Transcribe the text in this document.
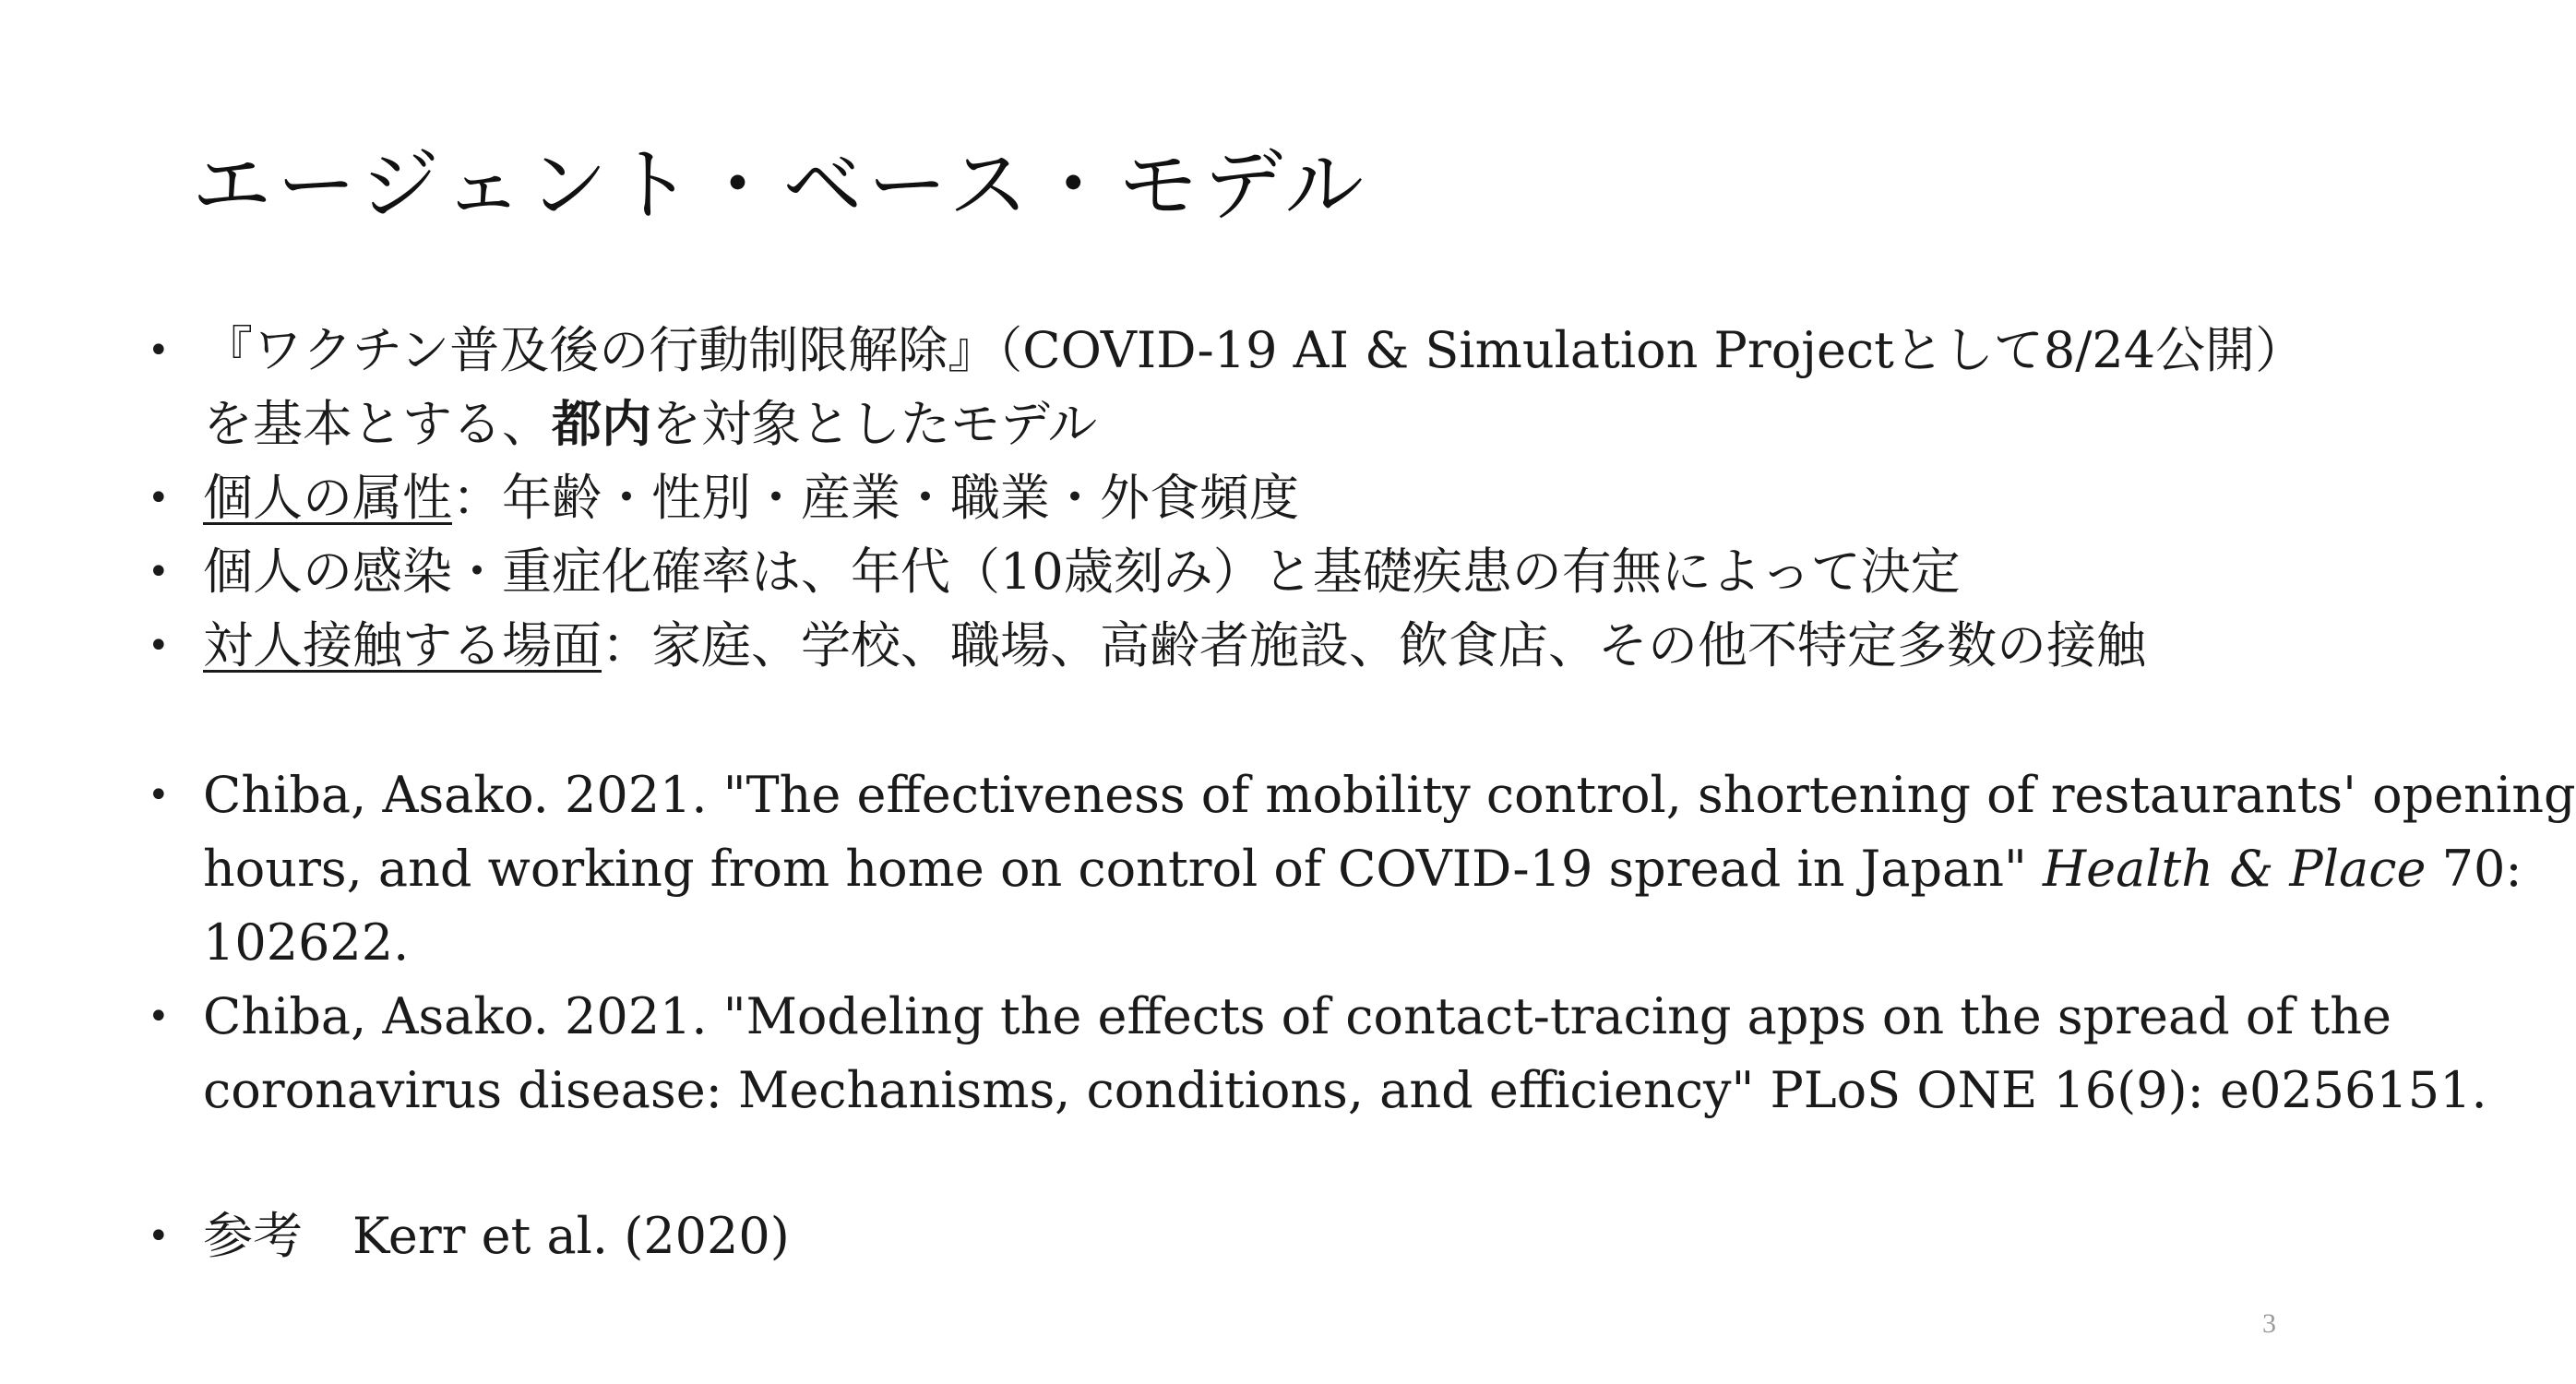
エージェント・ベース・モデル
• 『ワクチン普及後の行動制限解除』（COVID-19 AI & Simulation Projectとして8/24公開）
を基本とする、都内を対象としたモデル
• 個人の属性：年齢・性別・産業・職業・外食頻度
• 個人の感染・重症化確率は、年代（10歳刻み）と基礎疾患の有無によって決定
• 対人接触する場面：家庭、学校、職場、高齢者施設、飲食店、その他不特定多数の接触
• Chiba, Asako. 2021. "The effectiveness of mobility control, shortening of restaurants' opening
hours, and working from home on control of COVID-19 spread in Japan" Health & Place 70:
102622.
• Chiba, Asako. 2021. "Modeling the effects of contact-tracing apps on the spread of the
coronavirus disease: Mechanisms, conditions, and efficiency" PLoS ONE 16(9): e0256151.
• 参考　Kerr et al. (2020)
3
